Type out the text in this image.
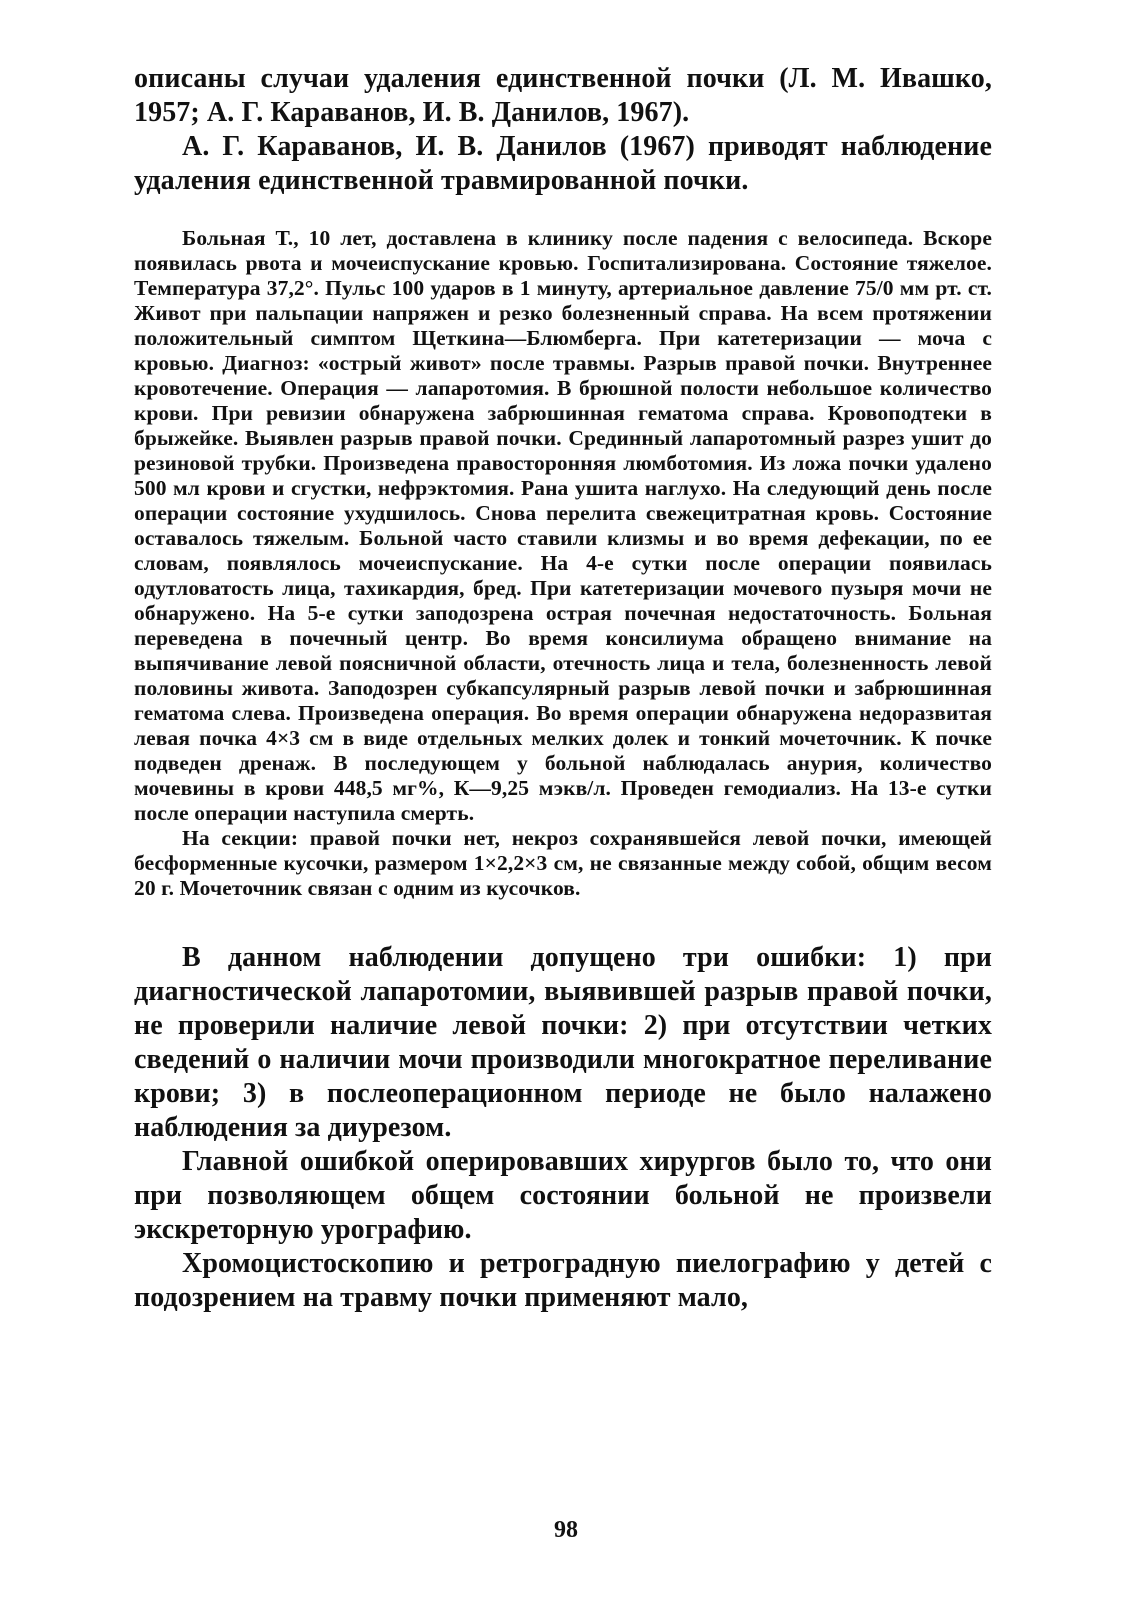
описаны случаи удаления единственной почки (Л. М. Ивашко, 1957; А. Г. Караванов, И. В. Данилов, 1967).

А. Г. Караванов, И. В. Данилов (1967) приводят наблюдение удаления единственной травмированной почки.

Больная Т., 10 лет, доставлена в клинику после падения с велосипеда. Вскоре появилась рвота и мочеиспускание кровью. Госпитализирована. Состояние тяжелое. Температура 37,2°. Пульс 100 ударов в 1 минуту, артериальное давление 75/0 мм рт. ст. Живот при пальпации напряжен и резко болезненный справа. На всем протяжении положительный симптом Щеткина—Блюмберга. При катетеризации — моча с кровью. Диагноз: «острый живот» после травмы. Разрыв правой почки. Внутреннее кровотечение. Операция — лапаротомия. В брюшной полости небольшое количество крови. При ревизии обнаружена забрюшинная гематома справа. Кровоподтеки в брыжейке. Выявлен разрыв правой почки. Срединный лапаротомный разрез ушит до резиновой трубки. Произведена правосторонняя люмботомия. Из ложа почки удалено 500 мл крови и сгустки, нефрэктомия. Рана ушита наглухо. На следующий день после операции состояние ухудшилось. Снова перелита свежецитратная кровь. Состояние оставалось тяжелым. Больной часто ставили клизмы и во время дефекации, по ее словам, появлялось мочеиспускание. На 4-е сутки после операции появилась одутловатость лица, тахикардия, бред. При катетеризации мочевого пузыря мочи не обнаружено. На 5-е сутки заподозрена острая почечная недостаточность. Больная переведена в почечный центр. Во время консилиума обращено внимание на выпячивание левой поясничной области, отечность лица и тела, болезненность левой половины живота. Заподозрен субкапсулярный разрыв левой почки и забрюшинная гематома слева. Произведена операция. Во время операции обнаружена недоразвитая левая почка 4×3 см в виде отдельных мелких долек и тонкий мочеточник. К почке подведен дренаж. В последующем у больной наблюдалась анурия, количество мочевины в крови 448,5 мг%, К—9,25 мэкв/л. Проведен гемодиализ. На 13-е сутки после операции наступила смерть.

На секции: правой почки нет, некроз сохранявшейся левой почки, имеющей бесформенные кусочки, размером 1×2,2×3 см, не связанные между собой, общим весом 20 г. Мочеточник связан с одним из кусочков.

В данном наблюдении допущено три ошибки: 1) при диагностической лапаротомии, выявившей разрыв правой почки, не проверили наличие левой почки: 2) при отсутствии четких сведений о наличии мочи производили многократное переливание крови; 3) в послеоперационном периоде не было налажено наблюдения за диурезом.

Главной ошибкой оперировавших хирургов было то, что они при позволяющем общем состоянии больной не произвели экскреторную урографию.

Хромоцистоскопию и ретроградную пиелографию у детей с подозрением на травму почки применяют мало,

98
